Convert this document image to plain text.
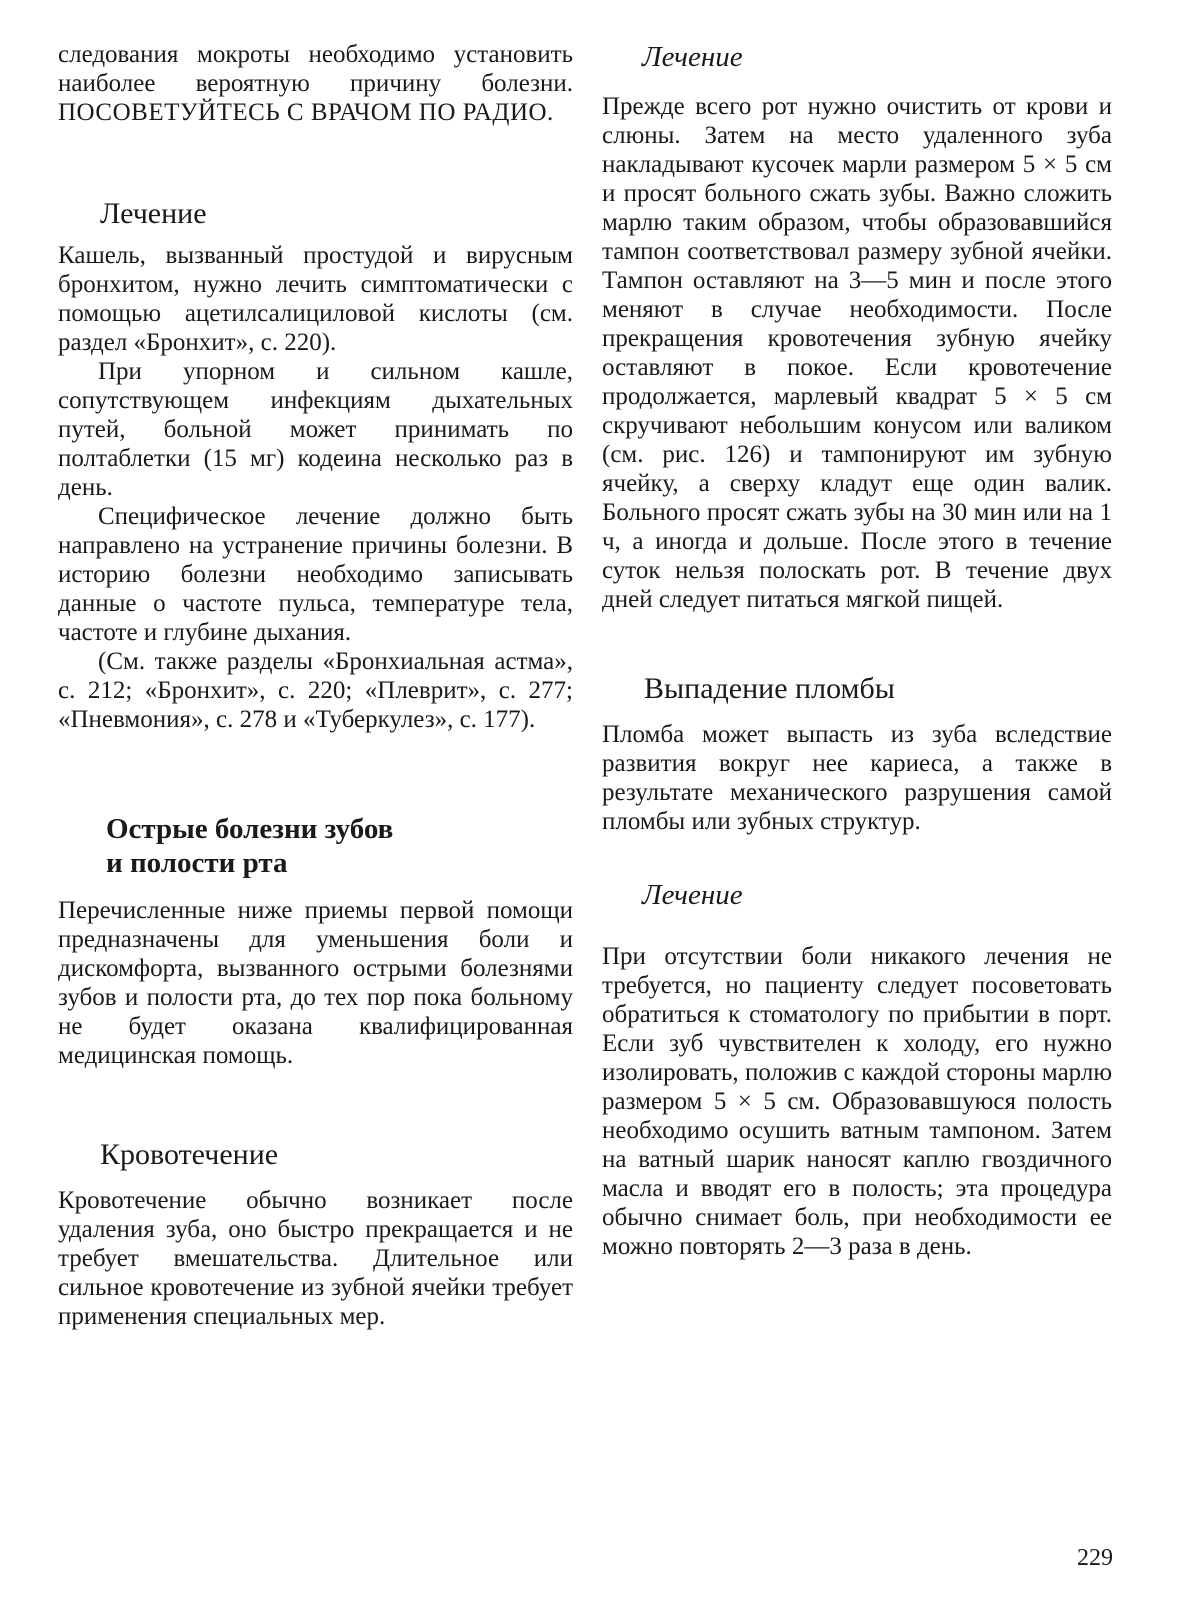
следования мокроты необходимо установить наиболее вероятную причину болезни. ПОСОВЕТУЙТЕСЬ С ВРАЧОМ ПО РАДИО.

Лечение

Кашель, вызванный простудой и вирусным бронхитом, нужно лечить симптоматически с помощью ацетилсалициловой кислоты (см. раздел «Бронхит», с. 220).

При упорном и сильном кашле, сопутствующем инфекциям дыхательных путей, больной может принимать по полтаблетки (15 мг) кодеина несколько раз в день.

Специфическое лечение должно быть направлено на устранение причины болезни. В историю болезни необходимо записывать данные о частоте пульса, температуре тела, частоте и глубине дыхания.

(См. также разделы «Бронхиальная астма», с. 212; «Бронхит», с. 220; «Плеврит», с. 277; «Пневмония», с. 278 и «Туберкулез», с. 177).

Острые болезни зубов
и полости рта

Перечисленные ниже приемы первой помощи предназначены для уменьшения боли и дискомфорта, вызванного острыми болезнями зубов и полости рта, до тех пор пока больному не будет оказана квалифицированная медицинская помощь.

Кровотечение

Кровотечение обычно возникает после удаления зуба, оно быстро прекращается и не требует вмешательства. Длительное или сильное кровотечение из зубной ячейки требует применения специальных мер.

Лечение

Прежде всего рот нужно очистить от крови и слюны. Затем на место удаленного зуба накладывают кусочек марли размером 5 × 5 см и просят больного сжать зубы. Важно сложить марлю таким образом, чтобы образовавшийся тампон соответствовал размеру зубной ячейки. Тампон оставляют на 3—5 мин и после этого меняют в случае необходимости. После прекращения кровотечения зубную ячейку оставляют в покое. Если кровотечение продолжается, марлевый квадрат 5 × 5 см скручивают небольшим конусом или валиком (см. рис. 126) и тампонируют им зубную ячейку, а сверху кладут еще один валик. Больного просят сжать зубы на 30 мин или на 1 ч, а иногда и дольше. После этого в течение суток нельзя полоскать рот. В течение двух дней следует питаться мягкой пищей.

Выпадение пломбы

Пломба может выпасть из зуба вследствие развития вокруг нее кариеса, а также в результате механического разрушения самой пломбы или зубных структур.

Лечение

При отсутствии боли никакого лечения не требуется, но пациенту следует посоветовать обратиться к стоматологу по прибытии в порт. Если зуб чувствителен к холоду, его нужно изолировать, положив с каждой стороны марлю размером 5 × 5 см. Образовавшуюся полость необходимо осушить ватным тампоном. Затем на ватный шарик наносят каплю гвоздичного масла и вводят его в полость; эта процедура обычно снимает боль, при необходимости ее можно повторять 2—3 раза в день.

229
